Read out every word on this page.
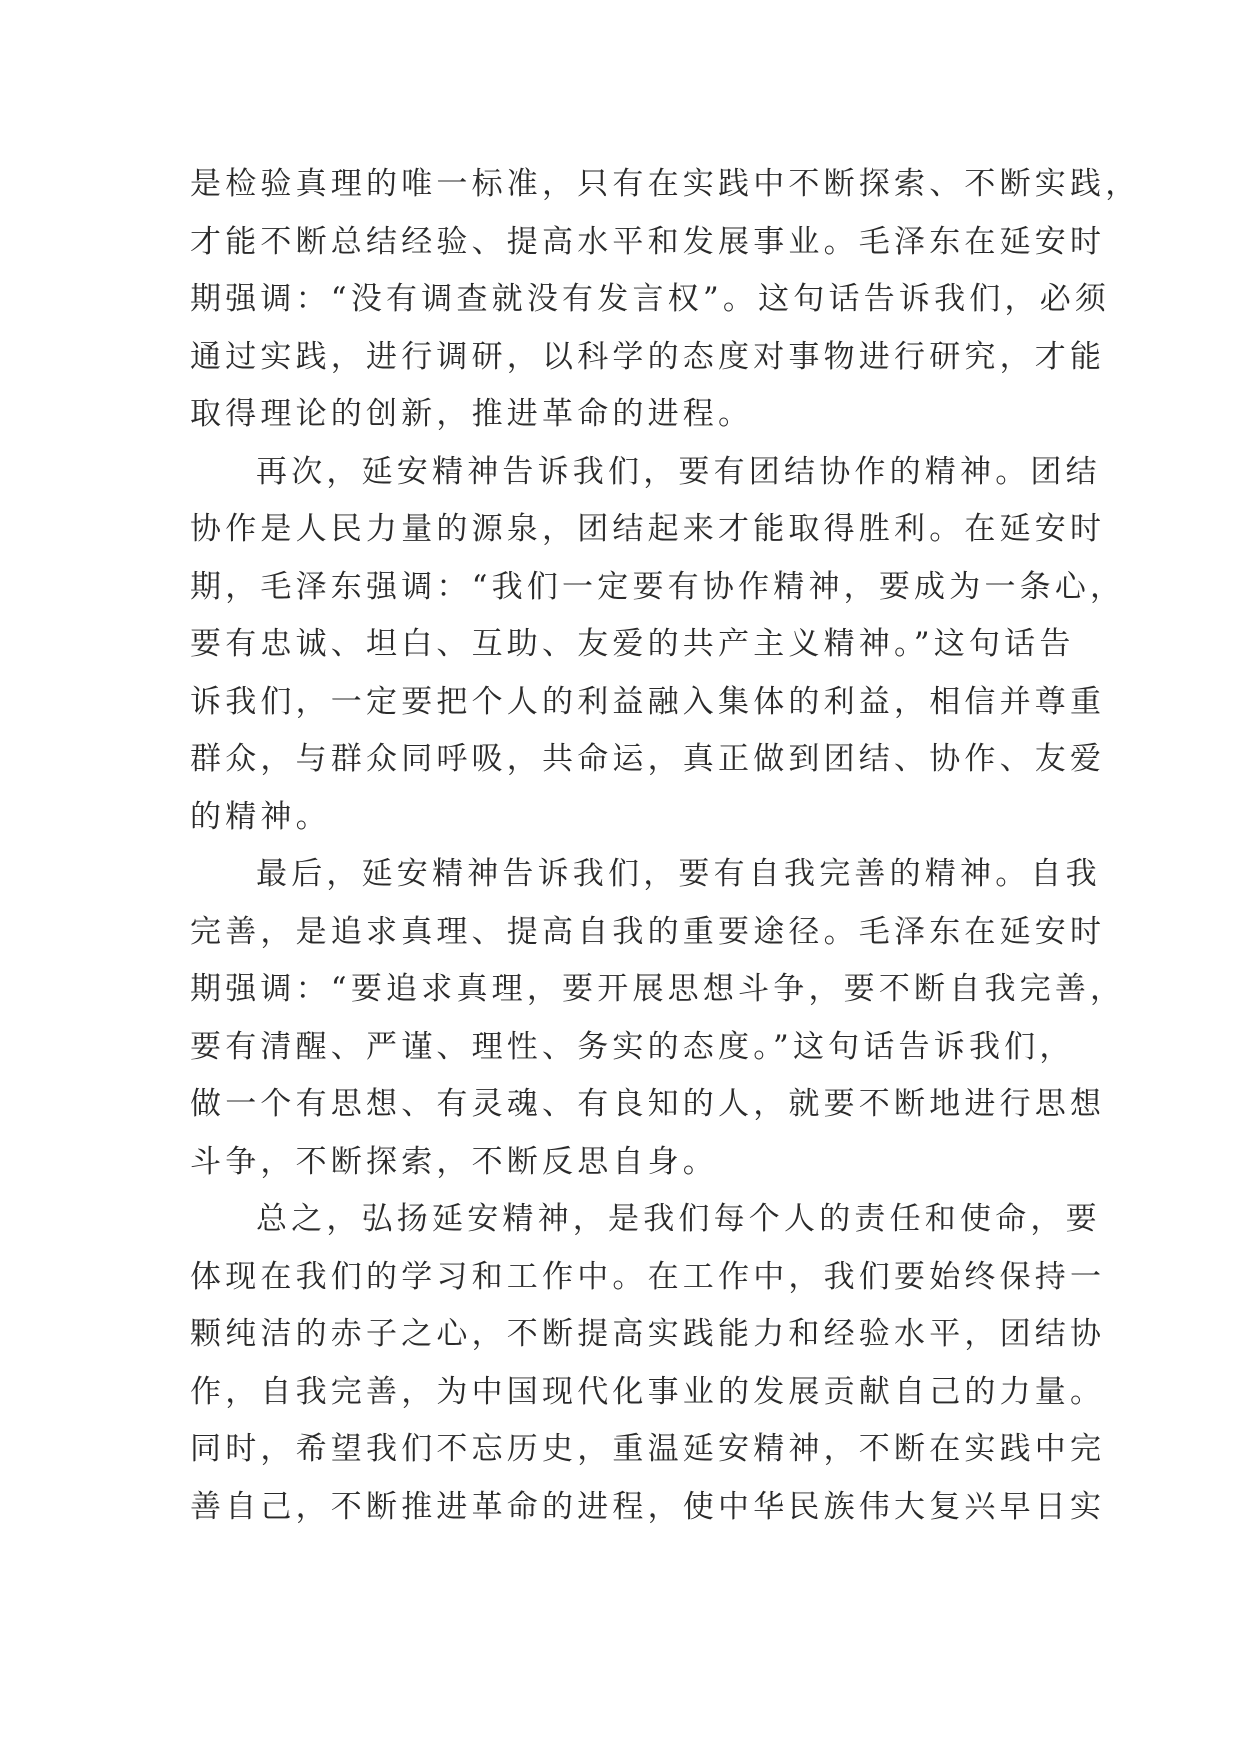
是检验真理的唯一标准，只有在实践中不断探索、不断实践，
才能不断总结经验、提高水平和发展事业。毛泽东在延安时
期强调：“没有调查就没有发言权”。这句话告诉我们，必须
通过实践，进行调研，以科学的态度对事物进行研究，才能
取得理论的创新，推进革命的进程。
再次，延安精神告诉我们，要有团结协作的精神。团结
协作是人民力量的源泉，团结起来才能取得胜利。在延安时
期，毛泽东强调：“我们一定要有协作精神，要成为一条心，
要有忠诚、坦白、互助、友爱的共产主义精神。”这句话告
诉我们，一定要把个人的利益融入集体的利益，相信并尊重
群众，与群众同呼吸，共命运，真正做到团结、协作、友爱
的精神。
最后，延安精神告诉我们，要有自我完善的精神。自我
完善，是追求真理、提高自我的重要途径。毛泽东在延安时
期强调：“要追求真理，要开展思想斗争，要不断自我完善，
要有清醒、严谨、理性、务实的态度。”这句话告诉我们，
做一个有思想、有灵魂、有良知的人，就要不断地进行思想
斗争，不断探索，不断反思自身。
总之，弘扬延安精神，是我们每个人的责任和使命，要
体现在我们的学习和工作中。在工作中，我们要始终保持一
颗纯洁的赤子之心，不断提高实践能力和经验水平，团结协
作，自我完善，为中国现代化事业的发展贡献自己的力量。
同时，希望我们不忘历史，重温延安精神，不断在实践中完
善自己，不断推进革命的进程，使中华民族伟大复兴早日实
